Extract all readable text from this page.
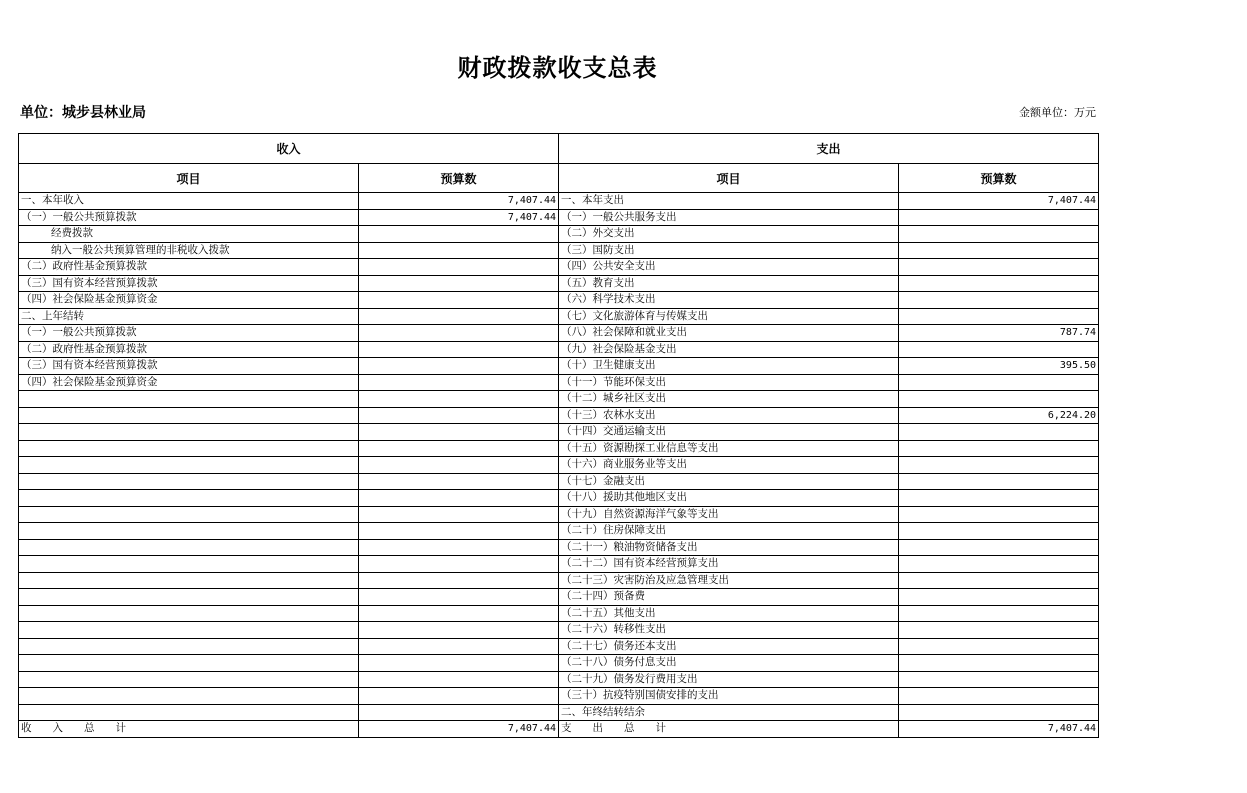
财政拨款收支总表
单位：城步县林业局	金额单位：万元
收入		支出	
项目	预算数	项目	预算数
一、本年收入	7,407.44	一、本年支出	7,407.44
（一）一般公共预算拨款	7,407.44	（一）一般公共服务支出	
经费拨款		（二）外交支出	
纳入一般公共预算管理的非税收入拨款		（三）国防支出	
（二）政府性基金预算拨款		（四）公共安全支出	
（三）国有资本经营预算拨款		（五）教育支出	
（四）社会保险基金预算资金		（六）科学技术支出	
二、上年结转		（七）文化旅游体育与传媒支出	
（一）一般公共预算拨款		（八）社会保障和就业支出	787.74
（二）政府性基金预算拨款		（九）社会保险基金支出	
（三）国有资本经营预算拨款		（十）卫生健康支出	395.50
（四）社会保险基金预算资金		（十一）节能环保支出	
		（十二）城乡社区支出	
		（十三）农林水支出	6,224.20
		（十四）交通运输支出	
		（十五）资源勘探工业信息等支出	
		（十六）商业服务业等支出	
		（十七）金融支出	
		（十八）援助其他地区支出	
		（十九）自然资源海洋气象等支出	
		（二十）住房保障支出	
		（二十一）粮油物资储备支出	
		（二十二）国有资本经营预算支出	
		（二十三）灾害防治及应急管理支出	
		（二十四）预备费	
		（二十五）其他支出	
		（二十六）转移性支出	
		（二十七）债务还本支出	
		（二十八）债务付息支出	
		（二十九）债务发行费用支出	
		（三十）抗疫特别国债安排的支出	
		二、年终结转结余	
收　　入　　总　　计	7,407.44	支　　出　　总　　计	7,407.44
